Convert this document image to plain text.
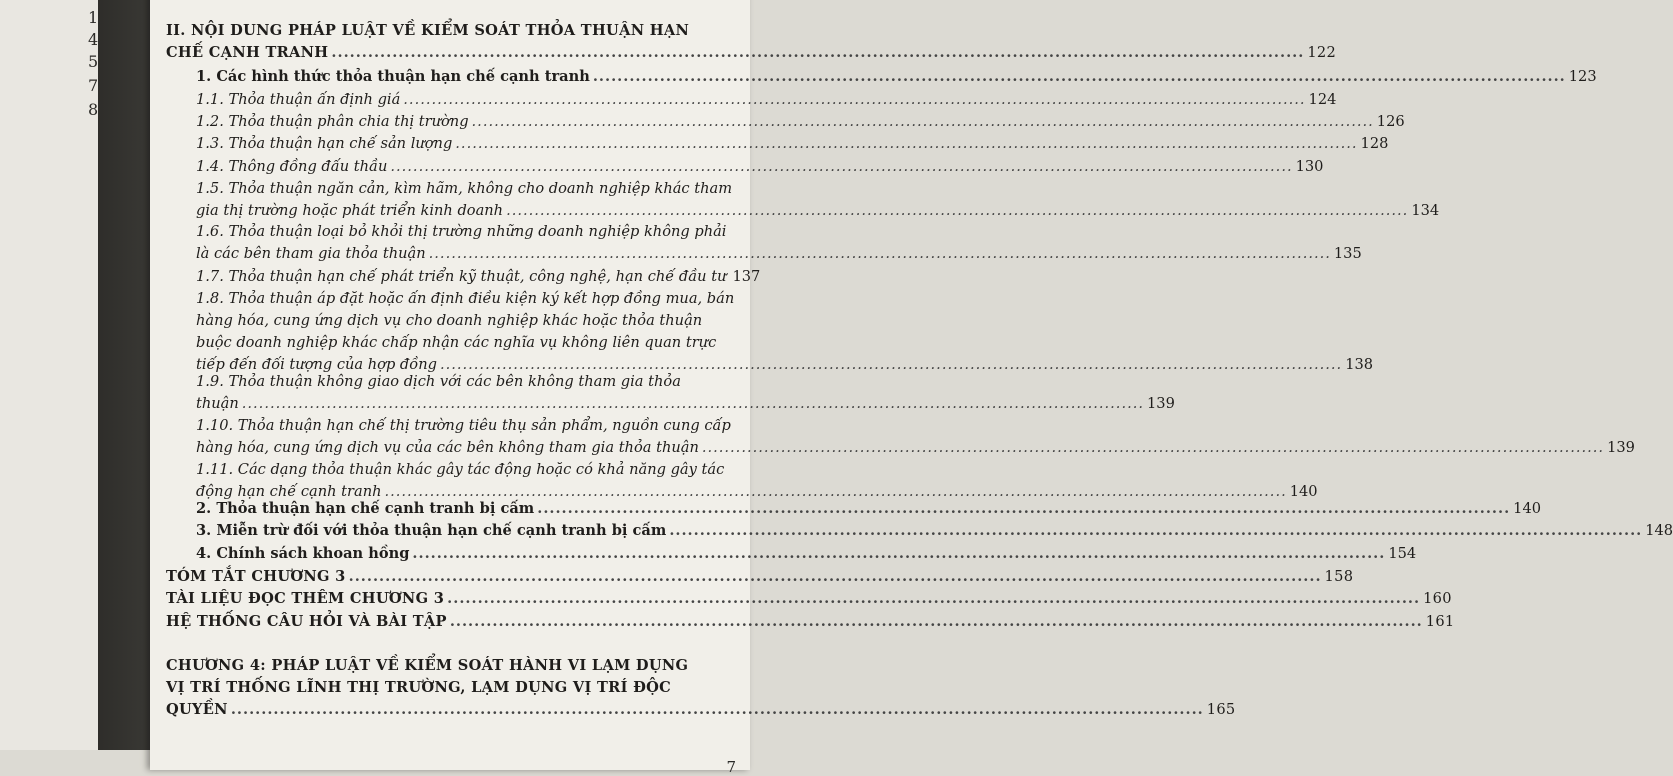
1
4
5
7
8
II. NỘI DUNG PHÁP LUẬT VỀ KIỂM SOÁT THỎA THUẬN HẠN
CHẾ CẠNH TRANH .....	122
1. Các hình thức thỏa thuận hạn chế cạnh tranh .....	123
1.1. Thỏa thuận ấn định giá .....	124
1.2. Thỏa thuận phân chia thị trường .....	126
1.3. Thỏa thuận hạn chế sản lượng .....	128
1.4. Thông đồng đấu thầu .....	130
1.5. Thỏa thuận ngăn cản, kìm hãm, không cho doanh nghiệp khác tham
gia thị trường hoặc phát triển kinh doanh .....	134
1.6. Thỏa thuận loại bỏ khỏi thị trường những doanh nghiệp không phải
là các bên tham gia thỏa thuận .....	135
1.7. Thỏa thuận hạn chế phát triển kỹ thuật, công nghệ, hạn chế đầu tư 137
1.8. Thỏa thuận áp đặt hoặc ấn định điều kiện ký kết hợp đồng mua, bán
hàng hóa, cung ứng dịch vụ cho doanh nghiệp khác hoặc thỏa thuận
buộc doanh nghiệp khác chấp nhận các nghĩa vụ không liên quan trực
tiếp đến đối tượng của hợp đồng .....	138
1.9. Thỏa thuận không giao dịch với các bên không tham gia thỏa
thuận .....	139
1.10. Thỏa thuận hạn chế thị trường tiêu thụ sản phẩm, nguồn cung cấp
hàng hóa, cung ứng dịch vụ của các bên không tham gia thỏa thuận .....	139
1.11. Các dạng thỏa thuận khác gây tác động hoặc có khả năng gây tác
động hạn chế cạnh tranh .....	140
2. Thỏa thuận hạn chế cạnh tranh bị cấm .....	140
3. Miễn trừ đối với thỏa thuận hạn chế cạnh tranh bị cấm .....	148
4. Chính sách khoan hồng .....	154
TÓM TẮT CHƯƠNG 3 .....	158
TÀI LIỆU ĐỌC THÊM CHƯƠNG 3 .....	160
HỆ THỐNG CÂU HỎI VÀ BÀI TẬP .....	161
CHƯƠNG 4: PHÁP LUẬT VỀ KIỂM SOÁT HÀNH VI LẠM DỤNG
VỊ TRÍ THỐNG LĨNH THỊ TRƯỜNG, LẠM DỤNG VỊ TRÍ ĐỘC
QUYỀN .....	165
7
